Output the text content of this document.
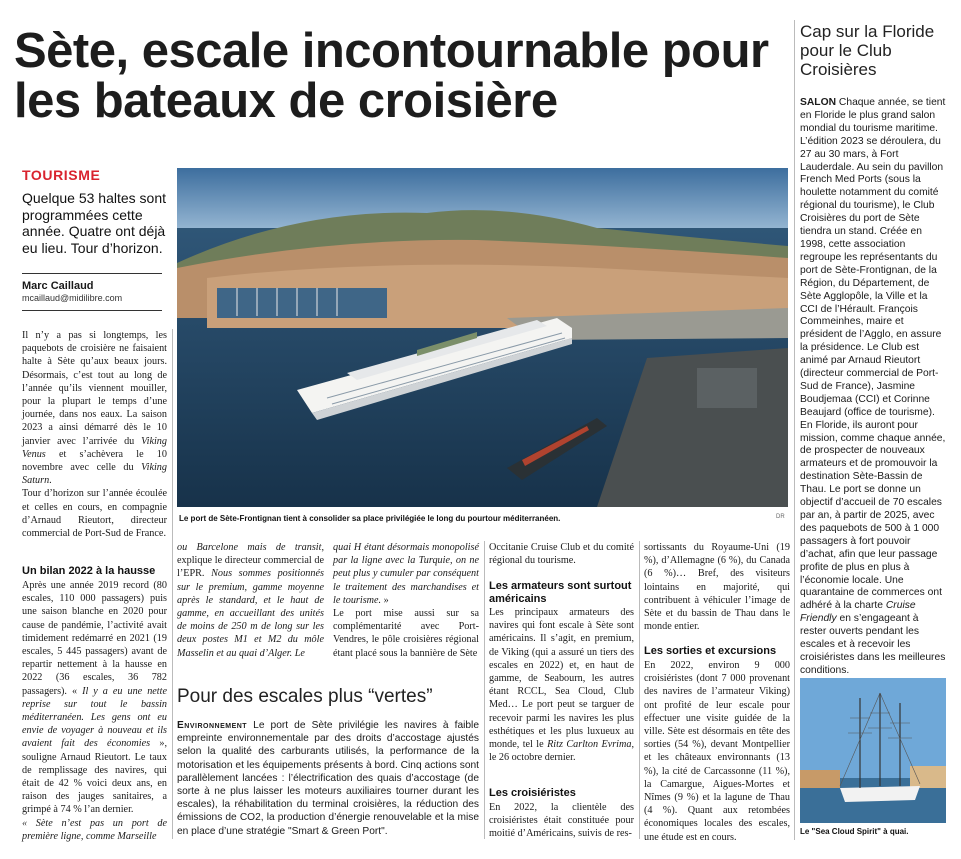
Sète, escale incontournable pour les bateaux de croisière
TOURISME
Quelque 53 haltes sont programmées cette année. Quatre ont déjà eu lieu. Tour d’horizon.
Marc Caillaud
mcaillaud@midilibre.com
Le port de Sète-Frontignan tient à consolider sa place privilégiée le long du pourtour méditerranéen.	DR

Il n’y a pas si longtemps, les paquebots de croisière ne faisaient halte à Sète qu’aux beaux jours. Désormais, c’est tout au long de l’année qu’ils viennent mouiller, pour la plupart le temps d’une journée, dans nos eaux. La saison 2023 a ainsi démarré dès le 10 janvier avec l’arrivée du Viking Venus et s’achèvera le 10 novembre avec celle du Viking Saturn.

Tour d’horizon sur l’année écoulée et celles en cours, en compagnie d’Arnaud Rieutort, directeur commercial de Port-Sud de France.

Un bilan 2022 à la hausse

Après une année 2019 record (80 escales, 110 000 passagers) puis une saison blanche en 2020 pour cause de pandémie, l’activité avait timidement redémarré en 2021 (19 escales, 5 445 passagers) avant de repartir nettement à la hausse en 2022 (36 escales, 36 782 passagers). « Il y a eu une nette reprise sur tout le bassin méditerranéen. Les gens ont eu envie de voyager à nouveau et ils avaient fait des économies », souligne Arnaud Rieutort. Le taux de remplissage des navires, qui était de 42 % voici deux ans, en raison des jauges sanitaires, a grimpé à 74 % l’an dernier.

« Sète n’est pas un port de première ligne, comme Marseille

ou Barcelone mais de transit, explique le directeur commercial de l’EPR. Nous sommes positionnés sur le premium, gamme moyenne après le standard, et le haut de gamme, en accueillant des unités de moins de 250 m de long sur les deux postes M1 et M2 du môle Masselin et au quai d’Alger. Le

quai H étant désormais monopolisé par la ligne avec la Turquie, on ne peut plus y cumuler par conséquent le traitement des marchandises et le tourisme. »

Le port mise aussi sur sa complémentarité avec Port-Vendres, le pôle croisières régional étant placé sous la bannière de Sète

Pour des escales plus “vertes”
Environnement Le port de Sète privilégie les navires à faible empreinte environnementale par des droits d’accostage ajustés selon la qualité des carburants utilisés, la performance de la motorisation et les équipements présents à bord. Cinq actions sont parallèlement lancées : l’électrification des quais d’accostage (de sorte à ne plus laisser les moteurs auxiliaires tourner durant les escales), la réhabilitation du terminal croisières, la réduction des émissions de CO2, la production d’énergie renouvelable et la mise en place d’une stratégie "Smart & Green Port".

Occitanie Cruise Club et du comité régional du tourisme.

Les armateurs sont surtout américains

Les principaux armateurs des navires qui font escale à Sète sont américains. Il s’agit, en premium, de Viking (qui a assuré un tiers des escales en 2022) et, en haut de gamme, de Seabourn, les autres étant RCCL, Sea Cloud, Club Med… Le port peut se targuer de recevoir parmi les navires les plus esthétiques et les plus luxueux au monde, tel le Ritz Carlton Evrima, le 26 octobre dernier.

Les croisiéristes

En 2022, la clientèle des croisiéristes était constituée pour moitié d’Américains, suivis de res-

sortissants du Royaume-Uni (19 %), d’Allemagne (6 %), du Canada (6 %)… Bref, des visiteurs lointains en majorité, qui contribuent à véhiculer l’image de Sète et du bassin de Thau dans le monde entier.

Les sorties et excursions

En 2022, environ 9 000 croisiéristes (dont 7 000 provenant des navires de l’armateur Viking) ont profité de leur escale pour effectuer une visite guidée de la ville. Sète est désormais en tête des sorties (54 %), devant Montpellier et les châteaux environnants (13 %), la cité de Carcassonne (11 %), la Camargue, Aigues-Mortes et Nîmes (9 %) et la lagune de Thau (4 %). Quant aux retombées économiques locales des escales, une étude est en cours.

Cap sur la Floride pour le Club Croisières
SALON Chaque année, se tient en Floride le plus grand salon mondial du tourisme maritime. L’édition 2023 se déroulera, du 27 au 30 mars, à Fort Lauderdale. Au sein du pavillon French Med Ports (sous la houlette notamment du comité régional du tourisme), le Club Croisières du port de Sète tiendra un stand. Créée en 1998, cette association regroupe les représentants du port de Sète-Frontignan, de la Région, du Département, de Sète Agglopôle, la Ville et la CCI de l’Hérault. François Commeinhes, maire et président de l’Agglo, en assure la présidence. Le Club est animé par Arnaud Rieutort (directeur commercial de Port-Sud de France), Jasmine Boudjemaa (CCI) et Corinne Beaujard (office de tourisme). En Floride, ils auront pour mission, comme chaque année, de prospecter de nouveaux armateurs et de promouvoir la destination Sète-Bassin de Thau. Le port se donne un objectif d’accueil de 70 escales par an, à partir de 2025, avec des paquebots de 500 à 1 000 passagers à fort pouvoir d’achat, afin que leur passage profite de plus en plus à l’économie locale. Une quarantaine de commerces ont adhéré à la charte Cruise Friendly en s’engageant à rester ouverts pendant les escales et à recevoir les croisiéristes dans les meilleures conditions.
Le "Sea Cloud Spirit" à quai.
